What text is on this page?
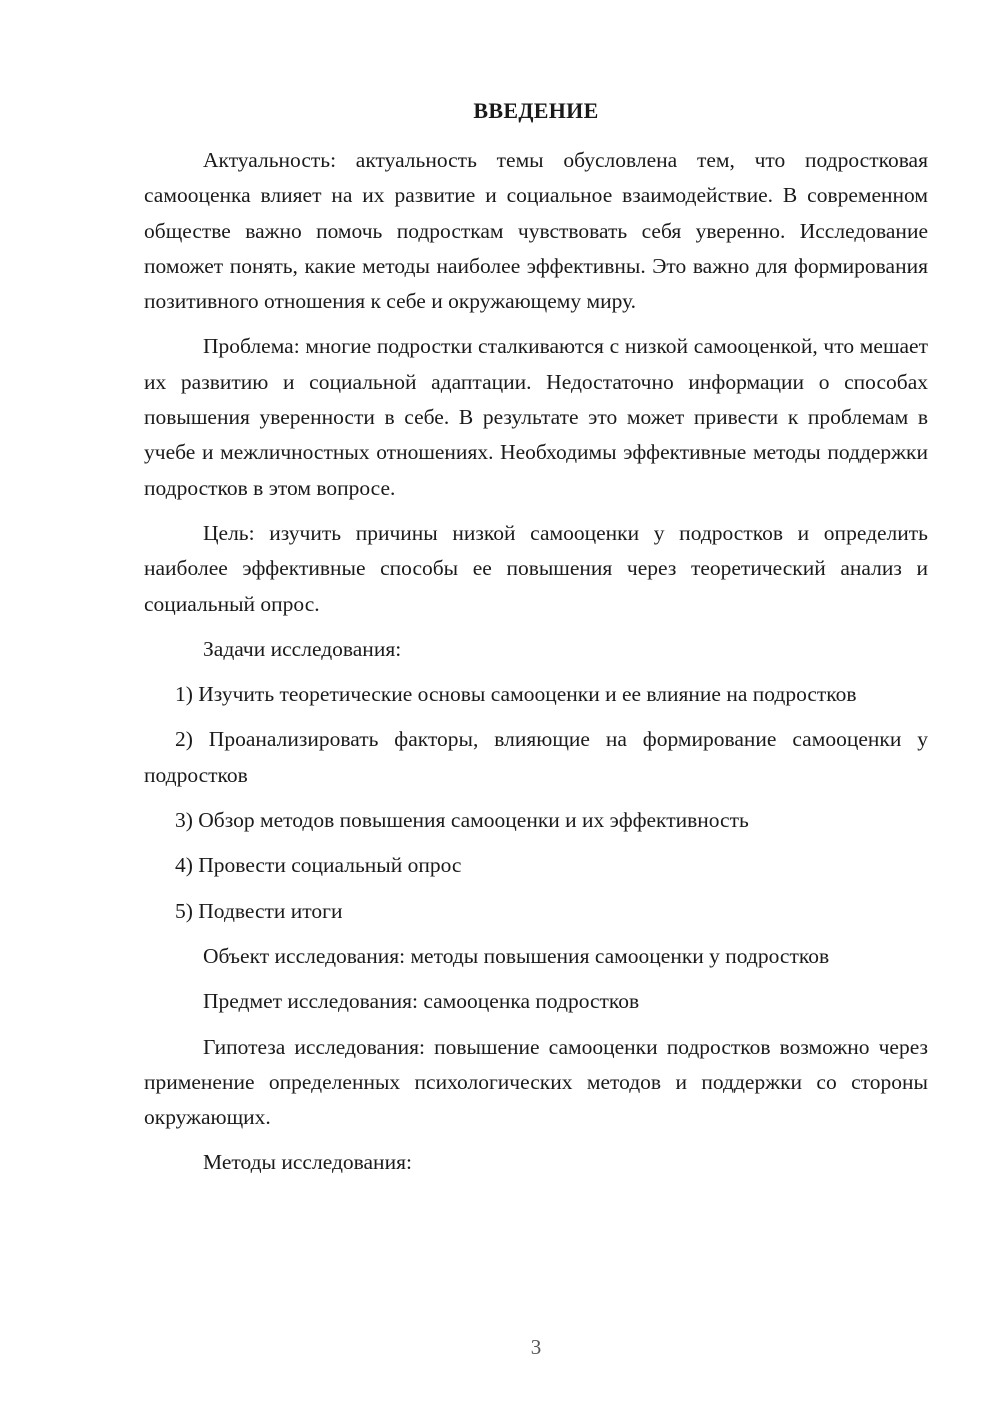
ВВЕДЕНИЕ

Актуальность: актуальность темы обусловлена тем, что подростковая самооценка влияет на их развитие и социальное взаимодействие. В современном обществе важно помочь подросткам чувствовать себя уверенно. Исследование поможет понять, какие методы наиболее эффективны. Это важно для формирования позитивного отношения к себе и окружающему миру.

Проблема: многие подростки сталкиваются с низкой самооценкой, что мешает их развитию и социальной адаптации. Недостаточно информации о способах повышения уверенности в себе. В результате это может привести к проблемам в учебе и межличностных отношениях. Необходимы эффективные методы поддержки подростков в этом вопросе.

Цель: изучить причины низкой самооценки у подростков и определить наиболее эффективные способы ее повышения через теоретический анализ и социальный опрос.

Задачи исследования:

1) Изучить теоретические основы самооценки и ее влияние на подростков

2) Проанализировать факторы, влияющие на формирование самооценки у подростков

3) Обзор методов повышения самооценки и их эффективность

4) Провести социальный опрос

5) Подвести итоги

Объект исследования: методы повышения самооценки у подростков

Предмет исследования: самооценка подростков

Гипотеза исследования: повышение самооценки подростков возможно через применение определенных психологических методов и поддержки со стороны окружающих.

Методы исследования:

3
